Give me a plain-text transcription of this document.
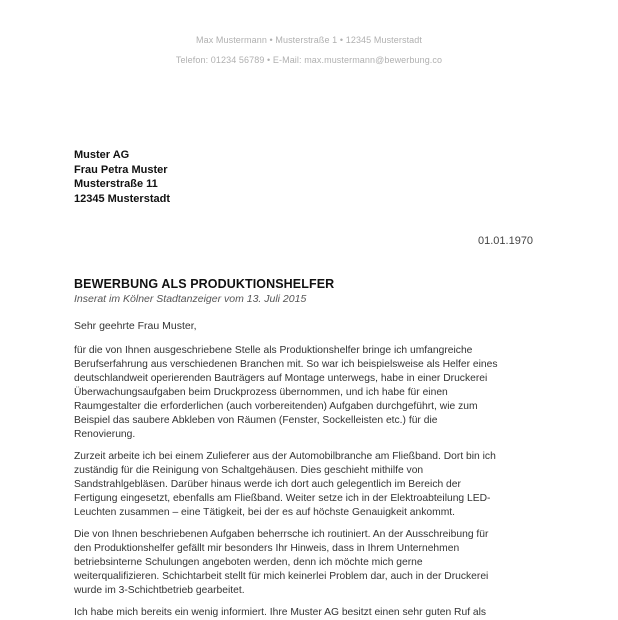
Max Mustermann • Musterstraße 1 • 12345 Musterstadt
Telefon: 01234 56789 • E-Mail: max.mustermann@bewerbung.co
Muster AG
Frau Petra Muster
Musterstraße 11
12345 Musterstadt
01.01.1970
BEWERBUNG ALS PRODUKTIONSHELFER
Inserat im Kölner Stadtanzeiger vom 13. Juli 2015
Sehr geehrte Frau Muster,
für die von Ihnen ausgeschriebene Stelle als Produktionshelfer bringe ich umfangreiche
Berufserfahrung aus verschiedenen Branchen mit. So war ich beispielsweise als Helfer eines
deutschlandweit operierenden Bauträgers auf Montage unterwegs, habe in einer Druckerei
Überwachungsaufgaben beim Druckprozess übernommen, und ich habe für einen
Raumgestalter die erforderlichen (auch vorbereitenden) Aufgaben durchgeführt, wie zum
Beispiel das saubere Abkleben von Räumen (Fenster, Sockelleisten etc.) für die
Renovierung.
Zurzeit arbeite ich bei einem Zulieferer aus der Automobilbranche am Fließband. Dort bin ich
zuständig für die Reinigung von Schaltgehäusen. Dies geschieht mithilfe von
Sandstrahlgebläsen. Darüber hinaus werde ich dort auch gelegentlich im Bereich der
Fertigung eingesetzt, ebenfalls am Fließband. Weiter setze ich in der Elektroabteilung LED-
Leuchten zusammen – eine Tätigkeit, bei der es auf höchste Genauigkeit ankommt.
Die von Ihnen beschriebenen Aufgaben beherrsche ich routiniert. An der Ausschreibung für
den Produktionshelfer gefällt mir besonders Ihr Hinweis, dass in Ihrem Unternehmen
betriebsinterne Schulungen angeboten werden, denn ich möchte mich gerne
weiterqualifizieren. Schichtarbeit stellt für mich keinerlei Problem dar, auch in der Druckerei
wurde im 3-Schichtbetrieb gearbeitet.
Ich habe mich bereits ein wenig informiert. Ihre Muster AG besitzt einen sehr guten Ruf als
